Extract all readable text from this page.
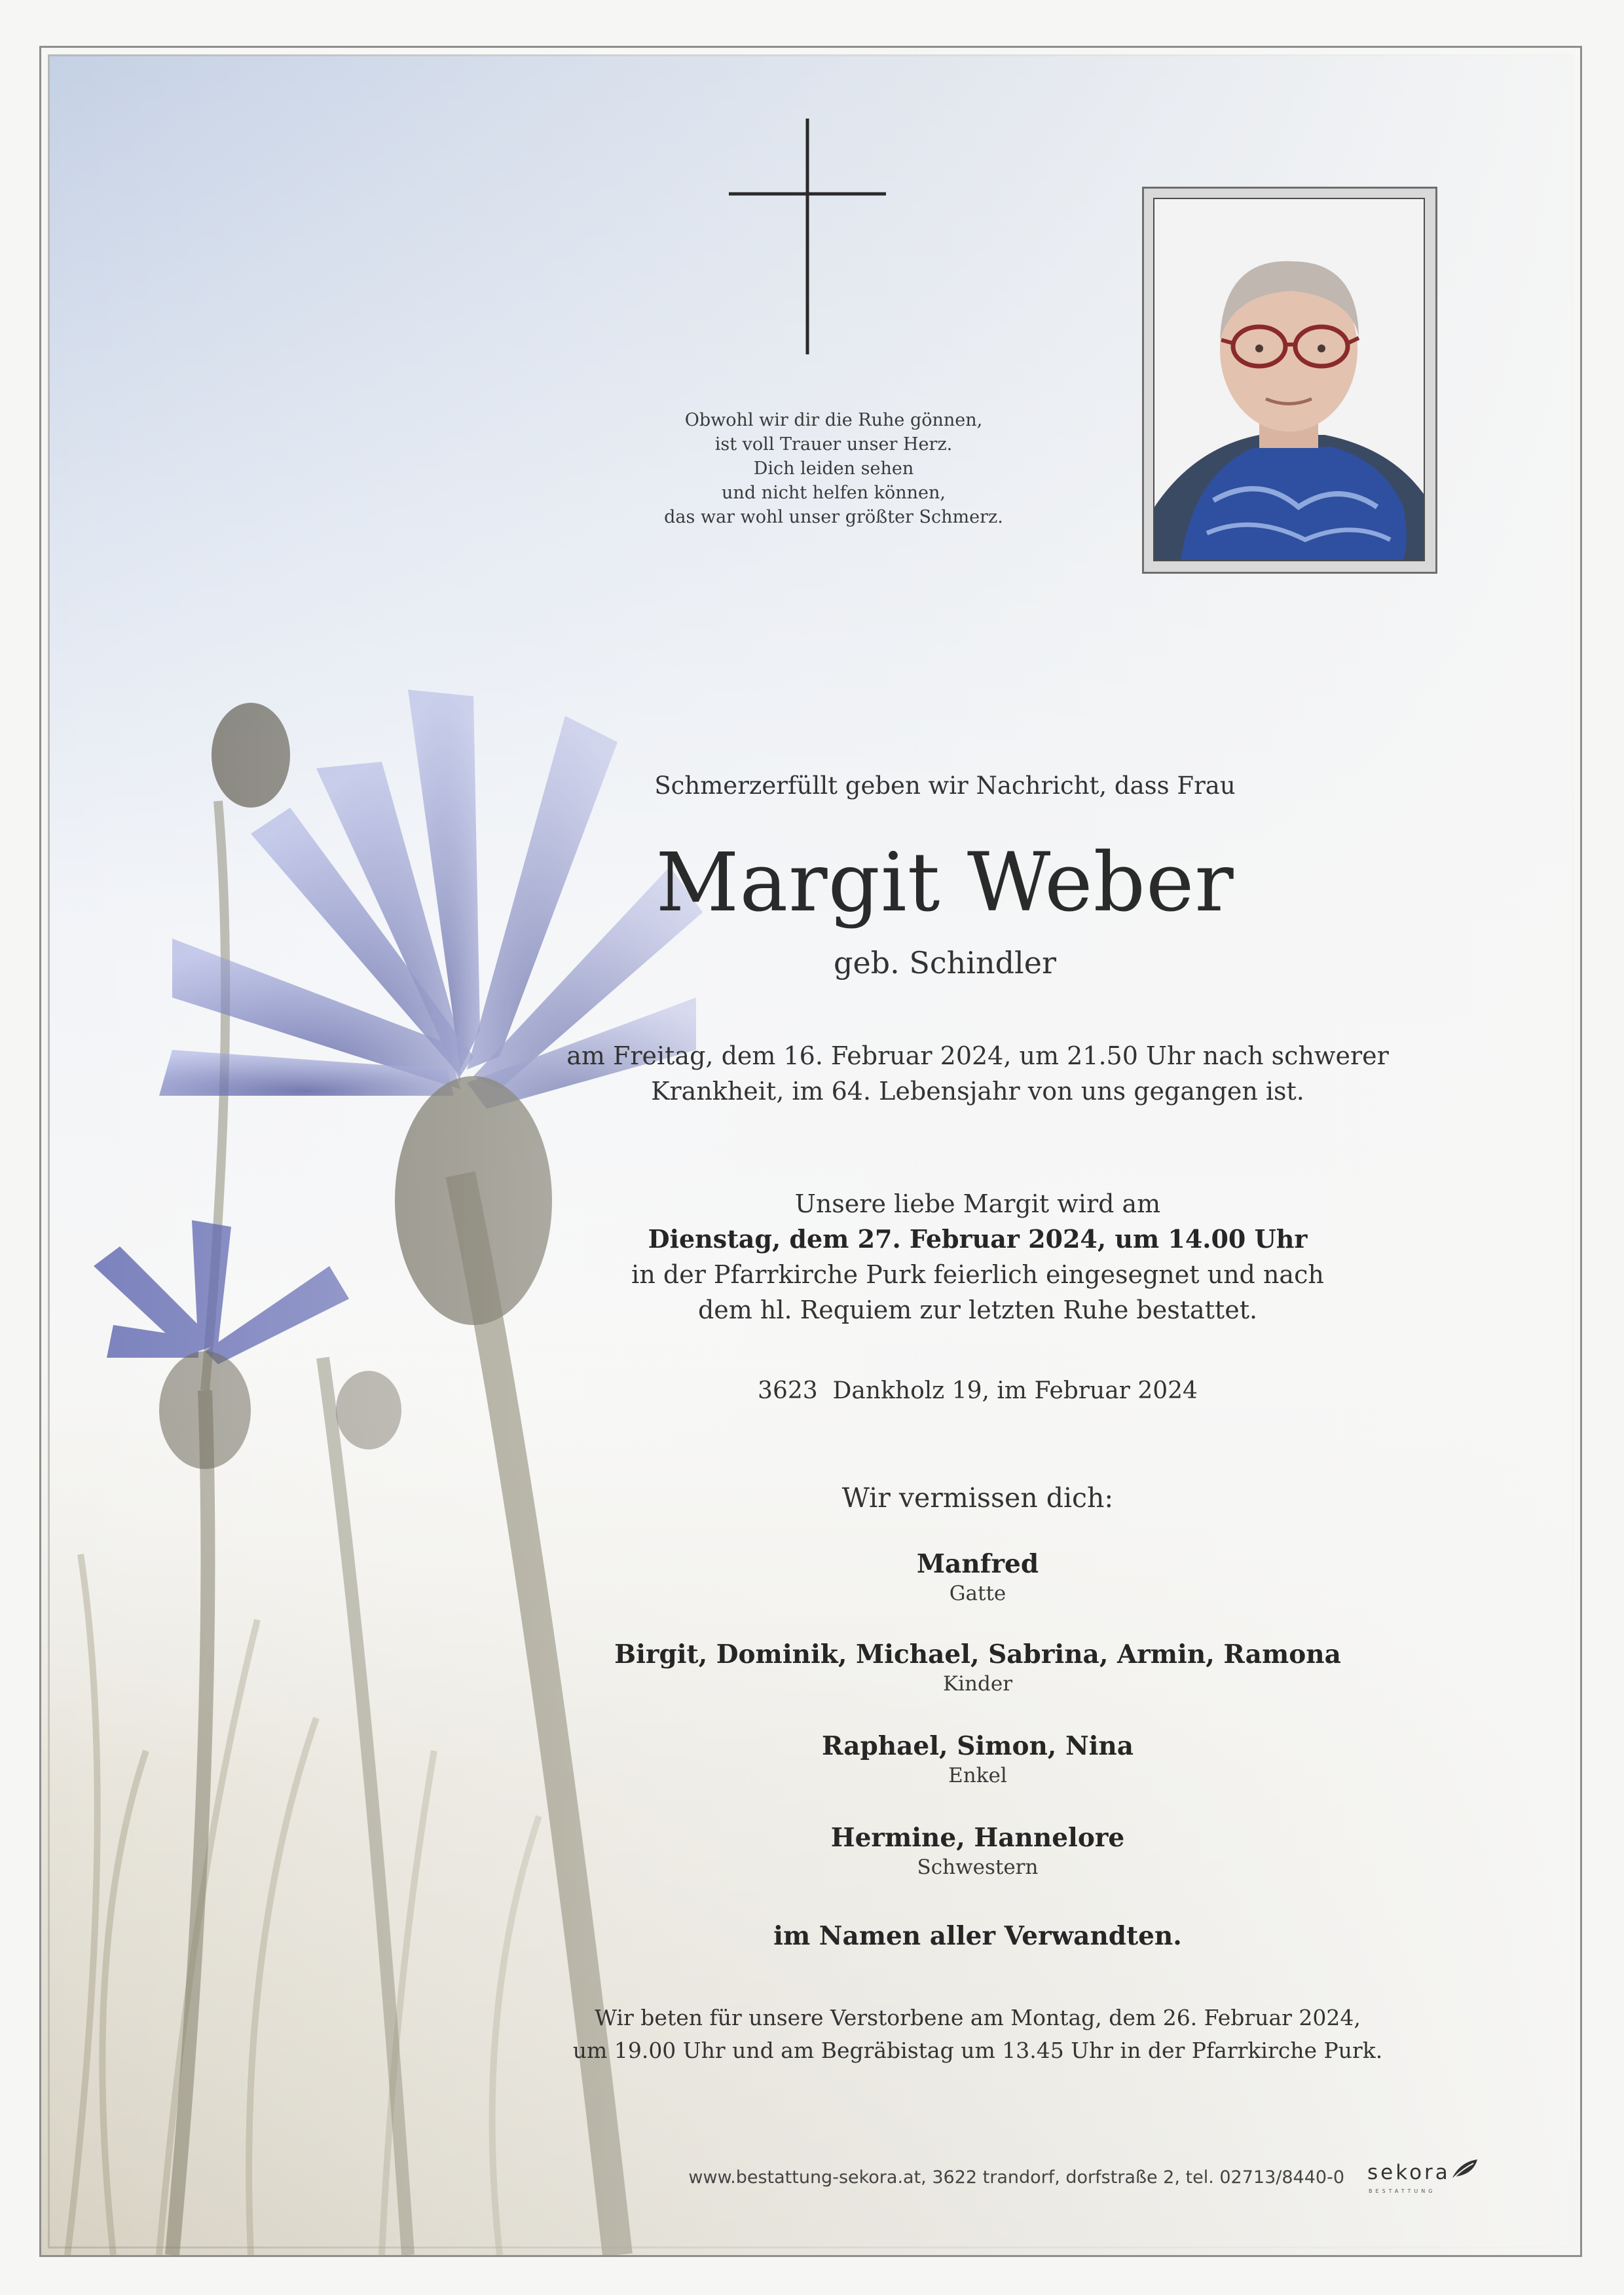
Obwohl wir dir die Ruhe gönnen,
ist voll Trauer unser Herz.
Dich leiden sehen
und nicht helfen können,
das war wohl unser größter Schmerz.
Schmerzerfüllt geben wir Nachricht, dass Frau
Margit Weber
geb. Schindler
am Freitag, dem 16. Februar 2024, um 21.50 Uhr nach schwerer
Krankheit, im 64. Lebensjahr von uns gegangen ist.
Unsere liebe Margit wird am
Dienstag, dem 27. Februar 2024, um 14.00 Uhr
in der Pfarrkirche Purk feierlich eingesegnet und nach
dem hl. Requiem zur letzten Ruhe bestattet.
3623  Dankholz 19, im Februar 2024
Wir vermissen dich:
Manfred
Gatte
Birgit, Dominik, Michael, Sabrina, Armin, Ramona
Kinder
Raphael, Simon, Nina
Enkel
Hermine, Hannelore
Schwestern
im Namen aller Verwandten.
Wir beten für unsere Verstorbene am Montag, dem 26. Februar 2024,
um 19.00 Uhr und am Begräbistag um 13.45 Uhr in der Pfarrkirche Purk.
www.bestattung-sekora.at, 3622 trandorf, dorfstraße 2, tel. 02713/8440-0 sekora
BESTATTUNG
